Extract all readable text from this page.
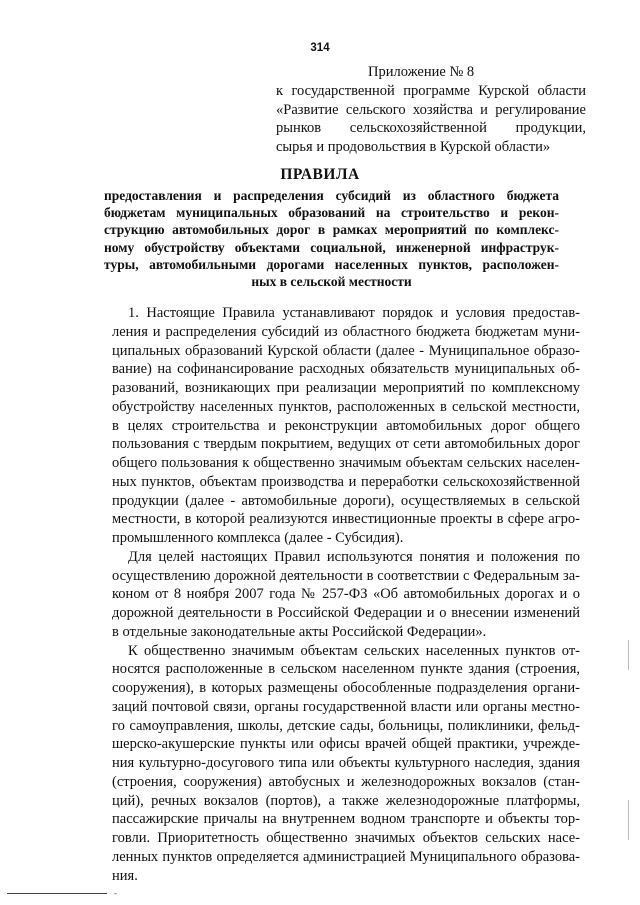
314
Приложение № 8
к государственной программе Курской области
«Развитие сельского хозяйства и регулирование
рынков сельскохозяйственной продукции,
сырья и продовольствия в Курской области»
ПРАВИЛА
предоставления и распределения субсидий из областного бюджета
бюджетам муниципальных образований на строительство и рекон-
струкцию автомобильных дорог в рамках мероприятий по комплекс-
ному обустройству объектами социальной, инженерной инфраструк-
туры, автомобильными дорогами населенных пунктов, расположен-
ных в сельской местности
1. Настоящие Правила устанавливают порядок и условия предостав-
ления и распределения субсидий из областного бюджета бюджетам муни-
ципальных образований Курской области (далее - Муниципальное образо-
вание) на софинансирование расходных обязательств муниципальных об-
разований, возникающих при реализации мероприятий по комплексному
обустройству населенных пунктов, расположенных в сельской местности,
в целях строительства и реконструкции автомобильных дорог общего
пользования с твердым покрытием, ведущих от сети автомобильных дорог
общего пользования к общественно значимым объектам сельских населен-
ных пунктов, объектам производства и переработки сельскохозяйственной
продукции (далее - автомобильные дороги), осуществляемых в сельской
местности, в которой реализуются инвестиционные проекты в сфере агро-
промышленного комплекса (далее - Субсидия).
Для целей настоящих Правил используются понятия и положения по
осуществлению дорожной деятельности в соответствии с Федеральным за-
коном от 8 ноября 2007 года № 257-ФЗ «Об автомобильных дорогах и о
дорожной деятельности в Российской Федерации и о внесении изменений
в отдельные законодательные акты Российской Федерации».
К общественно значимым объектам сельских населенных пунктов от-
носятся расположенные в сельском населенном пункте здания (строения,
сооружения), в которых размещены обособленные подразделения органи-
заций почтовой связи, органы государственной власти или органы местно-
го самоуправления, школы, детские сады, больницы, поликлиники, фельд-
шерско-акушерские пункты или офисы врачей общей практики, учрежде-
ния культурно-досугового типа или объекты культурного наследия, здания
(строения, сооружения) автобусных и железнодорожных вокзалов (стан-
ций), речных вокзалов (портов), а также железнодорожные платформы,
пассажирские причалы на внутреннем водном транспорте и объекты тор-
говли. Приоритетность общественно значимых объектов сельских насе-
ленных пунктов определяется администрацией Муниципального образова-
ния.
-
